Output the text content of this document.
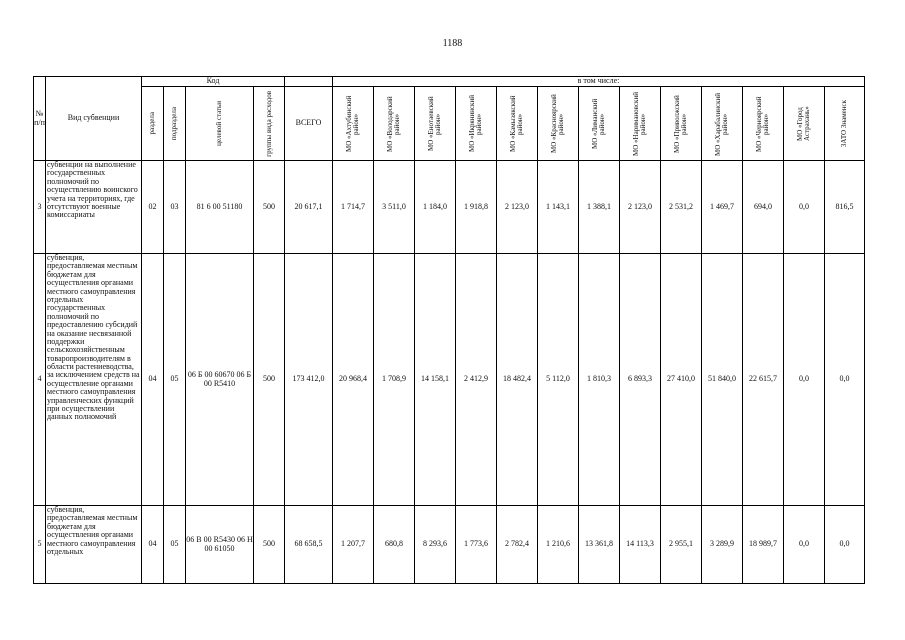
1188
№ п/п	Вид субвенции	Код					в том числе:												

		раздела	подраздела	целевой статьи	группы вида расходов	ВСЕГО	МО «Ахтубинский район»	МО «Володарский район»	МО «Енотаевский район»	МО «Икрянинский район»	МО «Камызякский район»	МО «Красноярский район»	МО «Лиманский район»	МО «Наримановский район»	МО «Приволжский район»	МО «Харабалинский район»	МО «Черноярский район»	МО «Город Астрахань»	ЗАТО Знаменск

3	субвенции на выполнение государственных полномочий по осуществлению воинского учета на территориях, где отсутствуют военные комиссариаты	02	03	81 6 00 51180	500	20 617,1	1 714,7	3 511,0	1 184,0	1 918,8	2 123,0	1 143,1	1 388,1	2 123,0	2 531,2	1 469,7	694,0	0,0	816,5
4	субвенция, предоставляемая местным бюджетам для осуществления органами местного самоуправления отдельных государственных полномочий по предоставлению субсидий на оказание несвязанной поддержки сельскохозяйственным товаропроизводителям в области растениеводства, за исключением средств на осуществление органами местного самоуправления управленческих функций при осуществлении данных полномочий	04	05	06 Б 00 60670 06 Б 00 R5410	500	173 412,0	20 968,4	1 708,9	14 158,1	2 412,9	18 482,4	5 112,0	1 810,3	6 893,3	27 410,0	51 840,0	22 615,7	0,0	0,0
5	субвенция, предоставляемая местным бюджетам для осуществления органами местного самоуправления отдельных	04	05	06 В 00 R5430 06 Н 00 61050	500	68 658,5	1 207,7	680,8	8 293,6	1 773,6	2 782,4	1 210,6	13 361,8	14 113,3	2 955,1	3 289,9	18 989,7	0,0	0,0
